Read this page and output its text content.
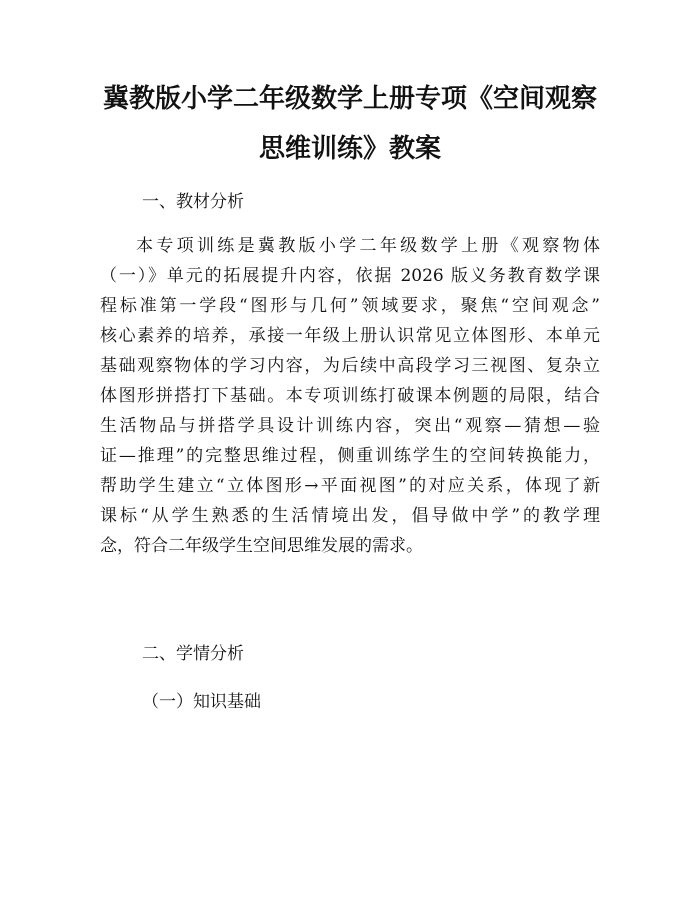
冀教版小学二年级数学上册专项《空间观察
思维训练》教案
一、教材分析
本专项训练是冀教版小学二年级数学上册《观察物体
（一）》单元的拓展提升内容，依据 2026 版义务教育数学课
程标准第一学段“图形与几何”领域要求，聚焦“空间观念”
核心素养的培养，承接一年级上册认识常见立体图形、本单元
基础观察物体的学习内容，为后续中高段学习三视图、复杂立
体图形拼搭打下基础。本专项训练打破课本例题的局限，结合
生活物品与拼搭学具设计训练内容，突出“观察—猜想—验
证—推理”的完整思维过程，侧重训练学生的空间转换能力，
帮助学生建立“立体图形→平面视图”的对应关系，体现了新
课标“从学生熟悉的生活情境出发，倡导做中学”的教学理
念，符合二年级学生空间思维发展的需求。
二、学情分析
（一）知识基础
